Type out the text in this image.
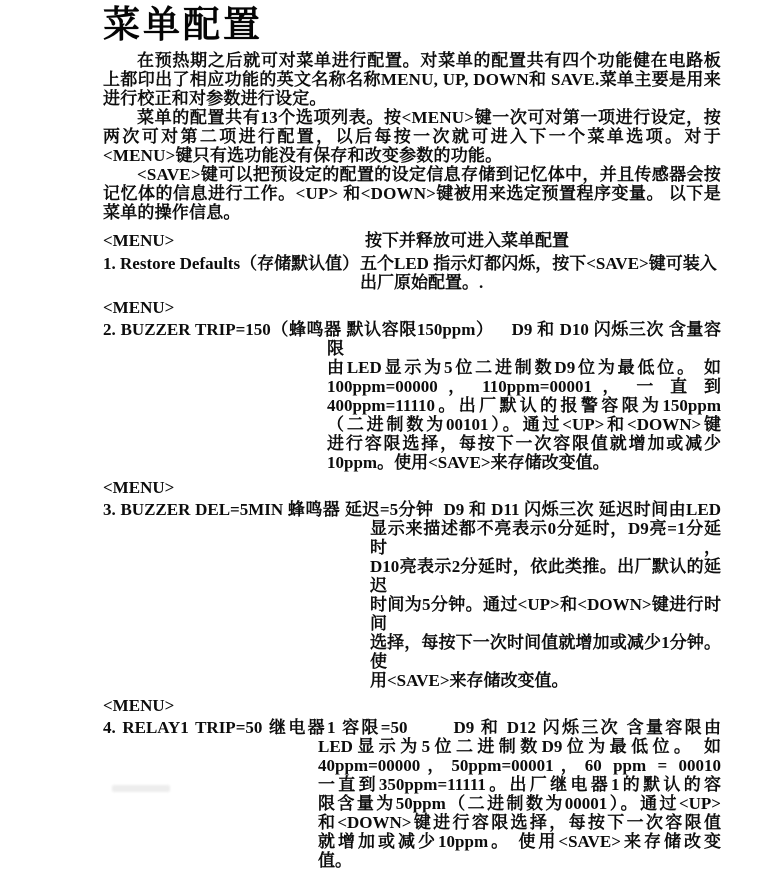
菜单配置
在预热期之后就可对菜单进行配置。对菜单的配置共有四个功能健在电路板上都印出了相应功能的英文名称名称MENU, UP, DOWN和 SAVE.菜单主要是用来进行校正和对参数进行设定。
菜单的配置共有13个选项列表。按<MENU>键一次可对第一项进行设定，按两次可对第二项进行配置，以后每按一次就可进入下一个菜单选项。对于 <MENU>键只有选功能没有保存和改变参数的功能。
<SAVE>键可以把预设定的配置的设定信息存储到记忆体中，并且传感器会按记忆体的信息进行工作。<UP> 和<DOWN>键被用来选定预置程序变量。 以下是菜单的操作信息。
<MENU>	按下并释放可进入菜单配置
1. Restore Defaults（存储默认值）五个LED 指示灯都闪烁，按下<SAVE>键可装入
出厂原始配置。.
<MENU>
2. BUZZER TRIP=150（蜂鸣器 默认容限150ppm） D9 和 D10 闪烁三次 含量容限
由LED显示为5位二进制数D9位为最低位。 如
100ppm=00000 ， 110ppm=00001 ， 一 直 到
400ppm=11110。出厂默认的报警容限为150ppm
（二进制数为00101）。通过<UP>和<DOWN>键
进行容限选择，每按下一次容限值就增加或减少
10ppm。使用<SAVE>来存储改变值。
<MENU>
3. BUZZER DEL=5MIN 蜂鸣器 延迟=5分钟 D9 和 D11 闪烁三次 延迟时间由LED
显示来描述都不亮表示0分延时，D9亮=1分延时，
D10亮表示2分延时，依此类推。出厂默认的延迟
时间为5分钟。通过<UP>和<DOWN>键进行时间
选择，每按下一次时间值就增加或减少1分钟。使
用<SAVE>来存储改变值。
<MENU>
4. RELAY1 TRIP=50 继电器1 容限=50	D9 和 D12 闪烁三次 含量容限由
LED显示为5位二进制数D9位为最低位。 如
40ppm=00000，50ppm=00001，60 ppm = 00010
一直到350ppm=11111。出厂继电器1的默认的容
限含量为50ppm（二进制数为00001）。通过<UP>
和<DOWN>键进行容限选择，每按下一次容限值
就增加或减少10ppm。 使用<SAVE>来存储改变
值。
